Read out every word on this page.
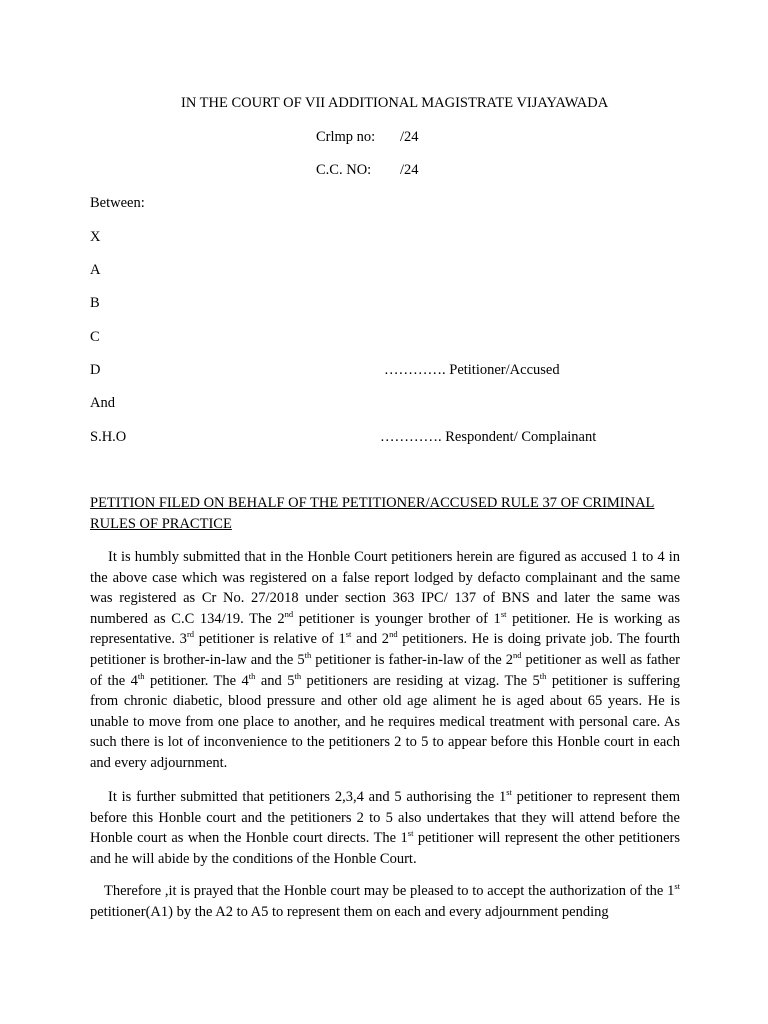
IN THE COURT OF VII ADDITIONAL MAGISTRATE VIJAYAWADA
Crlmp no: /24
C.C. NO: /24
Between:
X
A
B
C
D	…………. Petitioner/Accused
And
S.H.O	…………. Respondent/ Complainant
PETITION FILED ON BEHALF OF THE PETITIONER/ACCUSED RULE 37 OF CRIMINAL RULES OF PRACTICE
It is humbly submitted that in the Honble Court petitioners herein are figured as accused 1 to 4 in the above case which was registered on a false report lodged by defacto complainant and the same was registered as Cr No. 27/2018 under section 363 IPC/ 137 of BNS and later the same was numbered as C.C 134/19. The 2nd petitioner is younger brother of 1st petitioner. He is working as representative. 3rd petitioner is relative of 1st and 2nd petitioners. He is doing private job. The fourth petitioner is brother-in-law and the 5th petitioner is father-in-law of the 2nd petitioner as well as father of the 4th petitioner. The 4th and 5th petitioners are residing at vizag. The 5th petitioner is suffering from chronic diabetic, blood pressure and other old age aliment he is aged about 65 years. He is unable to move from one place to another, and he requires medical treatment with personal care. As such there is lot of inconvenience to the petitioners 2 to 5 to appear before this Honble court in each and every adjournment.
It is further submitted that petitioners 2,3,4 and 5 authorising the 1st petitioner to represent them before this Honble court and the petitioners 2 to 5 also undertakes that they will attend before the Honble court as when the Honble court directs. The 1st petitioner will represent the other petitioners and he will abide by the conditions of the Honble Court.
Therefore ,it is prayed that the Honble court may be pleased to to accept the authorization of the 1st petitioner(A1) by the A2 to A5 to represent them on each and every adjournment pending
